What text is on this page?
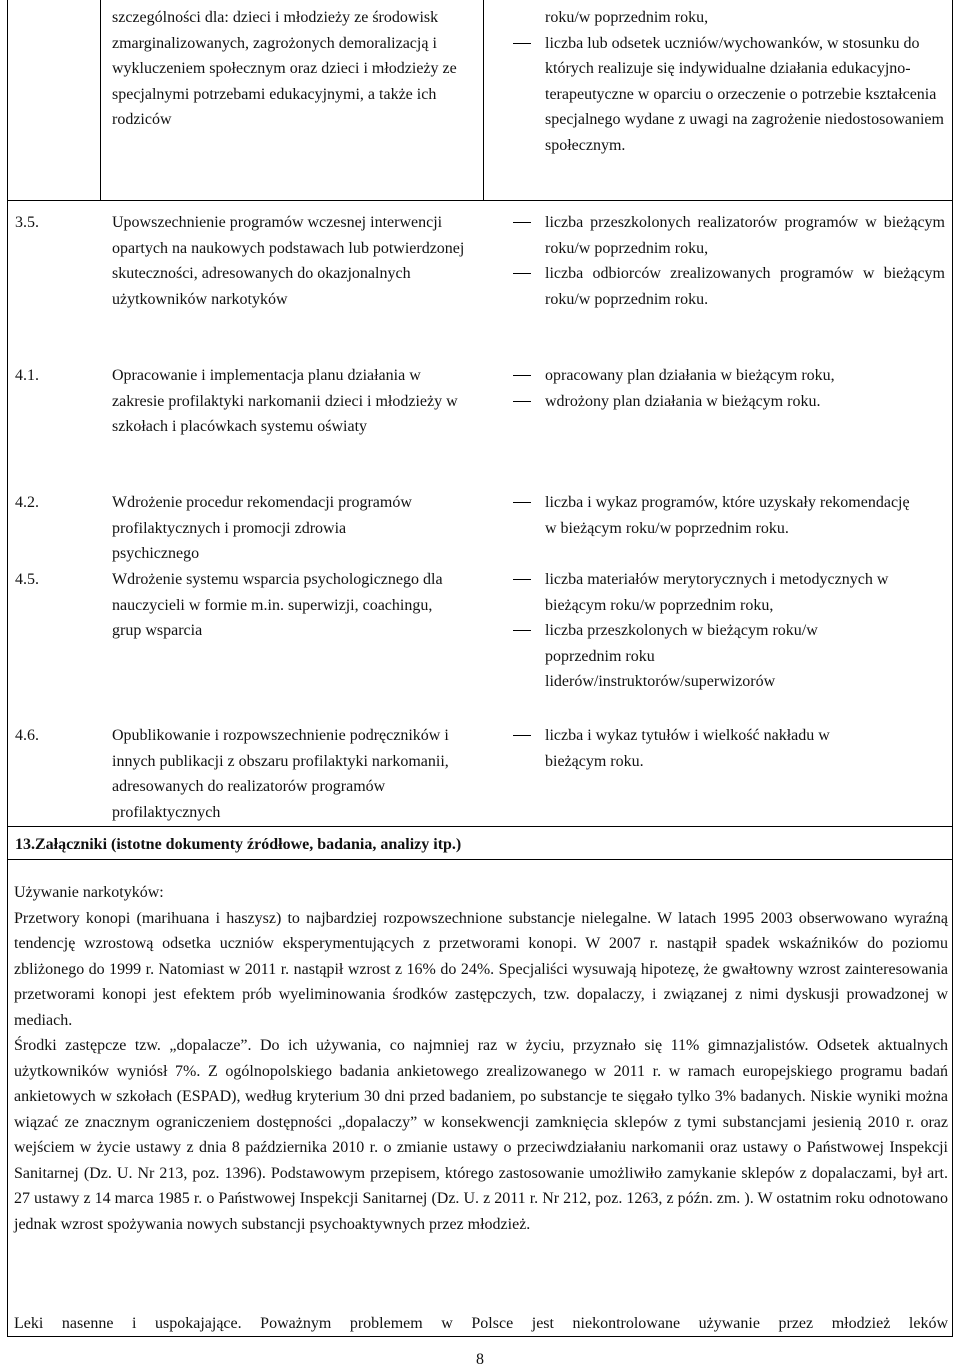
szczególności dla: dzieci i młodzieży ze środowisk zmarginalizowanych, zagrożonych demoralizacją i wykluczeniem społecznym oraz dzieci i młodzieży ze specjalnymi potrzebami edukacyjnymi, a także ich rodziców
roku/w poprzednim roku,
liczba lub odsetek uczniów/wychowanków, w stosunku do których realizuje się indywidualne działania edukacyjno-terapeutyczne w oparciu o orzeczenie o potrzebie kształcenia specjalnego wydane z uwagi na zagrożenie niedostosowaniem społecznym.
3.5.	Upowszechnienie programów wczesnej interwencji opartych na naukowych podstawach lub potwierdzonej skuteczności, adresowanych do okazjonalnych użytkowników narkotyków
liczba przeszkolonych realizatorów programów w bieżącym roku/w poprzednim roku,
liczba odbiorców zrealizowanych programów w bieżącym roku/w poprzednim roku.
4.1.	Opracowanie i implementacja planu działania w zakresie profilaktyki narkomanii dzieci i młodzieży w szkołach i placówkach systemu oświaty
opracowany plan działania w bieżącym roku,
wdrożony plan działania w bieżącym roku.
4.2.	Wdrożenie procedur rekomendacji programów profilaktycznych i promocji zdrowia psychicznego
liczba i wykaz programów, które uzyskały rekomendację w bieżącym roku/w poprzednim roku.
4.5.	Wdrożenie systemu wsparcia psychologicznego dla nauczycieli w formie m.in. superwizji, coachingu, grup wsparcia
liczba materiałów merytorycznych i metodycznych w bieżącym roku/w poprzednim roku,
liczba przeszkolonych w bieżącym roku/w poprzednim roku liderów/instruktorów/superwizorów
4.6.	Opublikowanie i rozpowszechnienie podręczników i innych publikacji z obszaru profilaktyki narkomanii, adresowanych do realizatorów programów profilaktycznych
liczba i wykaz tytułów i wielkość nakładu w bieżącym roku.
13.Załączniki (istotne dokumenty źródłowe, badania, analizy itp.)

Używanie narkotyków:

Przetwory konopi (marihuana i haszysz) to najbardziej rozpowszechnione substancje nielegalne. W latach 1995 2003 obserwowano wyraźną tendencję wzrostową odsetka uczniów eksperymentujących z przetworami konopi. W 2007 r. nastąpił spadek wskaźników do poziomu zbliżonego do 1999 r. Natomiast w 2011 r. nastąpił wzrost z 16% do 24%. Specjaliści wysuwają hipotezę, że gwałtowny wzrost zainteresowania przetworami konopi jest efektem prób wyeliminowania środków zastępczych, tzw. dopalaczy, i związanej z nimi dyskusji prowadzonej w mediach.

Środki zastępcze tzw. „dopalacze”. Do ich używania, co najmniej raz w życiu, przyznało się 11% gimnazjalistów. Odsetek aktualnych użytkowników wyniósł 7%. Z ogólnopolskiego badania ankietowego zrealizowanego w 2011 r. w ramach europejskiego programu badań ankietowych w szkołach (ESPAD), według kryterium 30 dni przed badaniem, po substancje te sięgało tylko 3% badanych. Niskie wyniki można wiązać ze znacznym ograniczeniem dostępności „dopalaczy” w konsekwencji zamknięcia sklepów z tymi substancjami jesienią 2010 r. oraz wejściem w życie ustawy z dnia 8 października 2010 r. o zmianie ustawy o przeciwdziałaniu narkomanii oraz ustawy o Państwowej Inspekcji Sanitarnej (Dz. U. Nr 213, poz. 1396). Podstawowym przepisem, którego zastosowanie umożliwiło zamykanie sklepów z dopalaczami, był art. 27 ustawy z 14 marca 1985 r. o Państwowej Inspekcji Sanitarnej (Dz. U. z 2011 r. Nr 212, poz. 1263, z późn. zm. ). W ostatnim roku odnotowano jednak wzrost spożywania nowych substancji psychoaktywnych przez młodzież.

Leki nasenne i uspokajające. Poważnym problemem w Polsce jest niekontrolowane używanie przez młodzież leków
8
